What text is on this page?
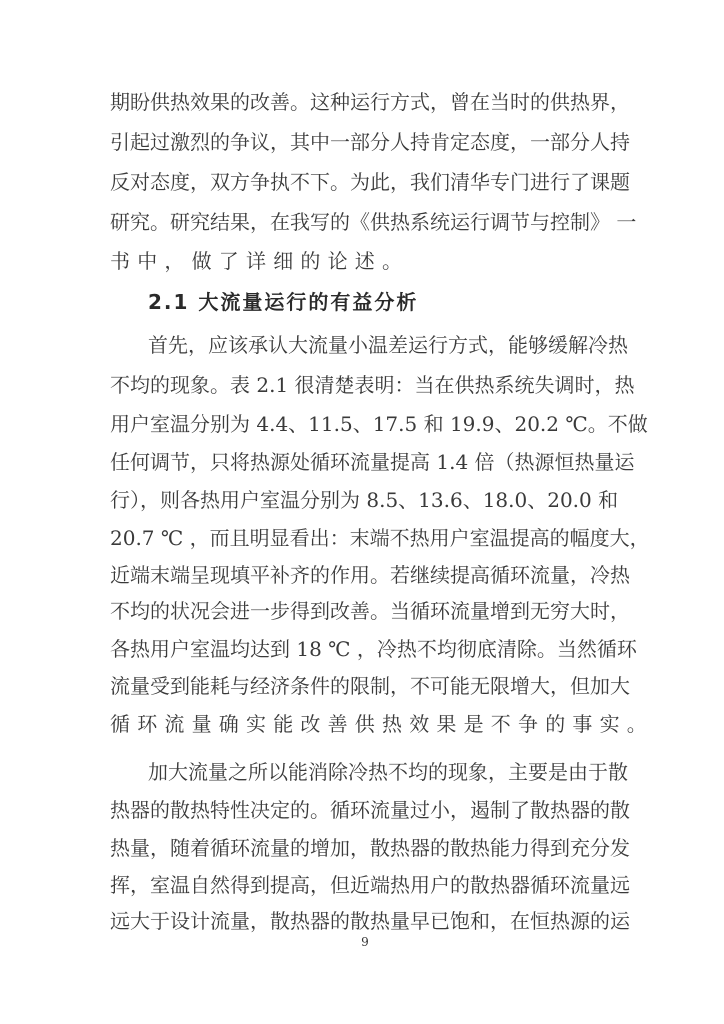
期盼供热效果的改善。这种运行方式，曾在当时的供热界，
引起过激烈的争议，其中一部分人持肯定态度，一部分人持
反对态度，双方争执不下。为此，我们清华专门进行了课题
研究。研究结果，在我写的《供热系统运行调节与控制》 一
书中，做了详细的论述。
2.1 大流量运行的有益分析
首先，应该承认大流量小温差运行方式，能够缓解冷热
不均的现象。表 2.1 很清楚表明：当在供热系统失调时，热
用户室温分别为 4.4、11.5、17.5 和 19.9、20.2 ℃。不做
任何调节，只将热源处循环流量提高 1.4 倍（热源恒热量运
行），则各热用户室温分别为 8.5、13.6、18.0、20.0 和
20.7 ℃ ，而且明显看出：末端不热用户室温提高的幅度大，
近端末端呈现填平补齐的作用。若继续提高循环流量，冷热
不均的状况会进一步得到改善。当循环流量增到无穷大时，
各热用户室温均达到 18 ℃ ，冷热不均彻底清除。当然循环
流量受到能耗与经济条件的限制，不可能无限增大，但加大
循环流量确实能改善供热效果是不争的事实。
加大流量之所以能消除冷热不均的现象，主要是由于散
热器的散热特性决定的。循环流量过小，遏制了散热器的散
热量，随着循环流量的增加，散热器的散热能力得到充分发
挥，室温自然得到提高，但近端热用户的散热器循环流量远
远大于设计流量，散热器的散热量早已饱和，在恒热源的运
9
